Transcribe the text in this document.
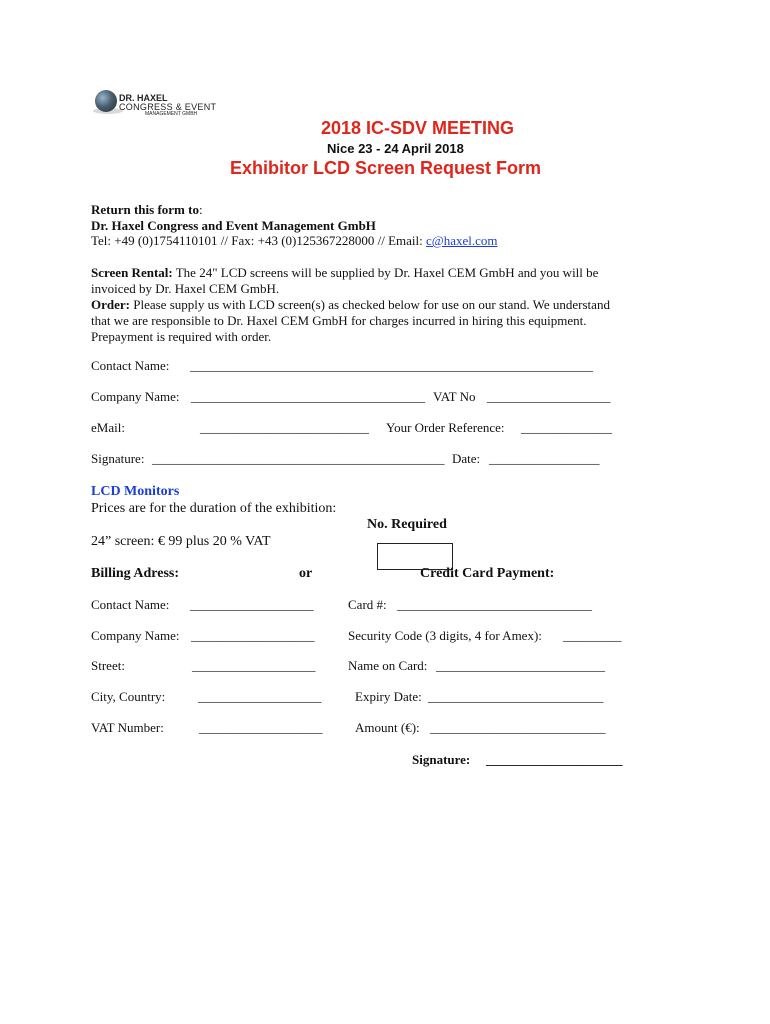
DR. HAXEL
CONGRESS & EVENT
MANAGEMENT GMBH
2018 IC-SDV MEETING
Nice 23 - 24 April 2018
Exhibitor LCD Screen Request Form
Return this form to:
Dr. Haxel Congress and Event Management GmbH
Tel: +49 (0)1754110101 // Fax: +43 (0)125367228000 // Email: c@haxel.com
Screen Rental: The 24" LCD screens will be supplied by Dr. Haxel CEM GmbH and you will be
invoiced by Dr. Haxel CEM GmbH.
Order: Please supply us with LCD screen(s) as checked below for use on our stand. We understand
that we are responsible to Dr. Haxel CEM GmbH for charges incurred in hiring this equipment.
Prepayment is required with order.
Contact Name: ______________________________________________________________
Company Name: ____________________________________ VAT No ___________________
eMail:	__________________________ Your Order Reference: ______________
Signature: _____________________________________________ Date: _________________
LCD Monitors
Prices are for the duration of the exhibition:
No. Required
24” screen: € 99 plus 20 % VAT
Billing Adress:	or	Credit Card Payment:
Contact Name: ___________________
Company Name: ___________________
Street:	___________________
City, Country:	___________________
VAT Number:	___________________
Card #: ______________________________
Security Code (3 digits, 4 for Amex): _________
Name on Card: __________________________
Expiry Date: ___________________________
Amount (€): ___________________________
Signature: _____________________
